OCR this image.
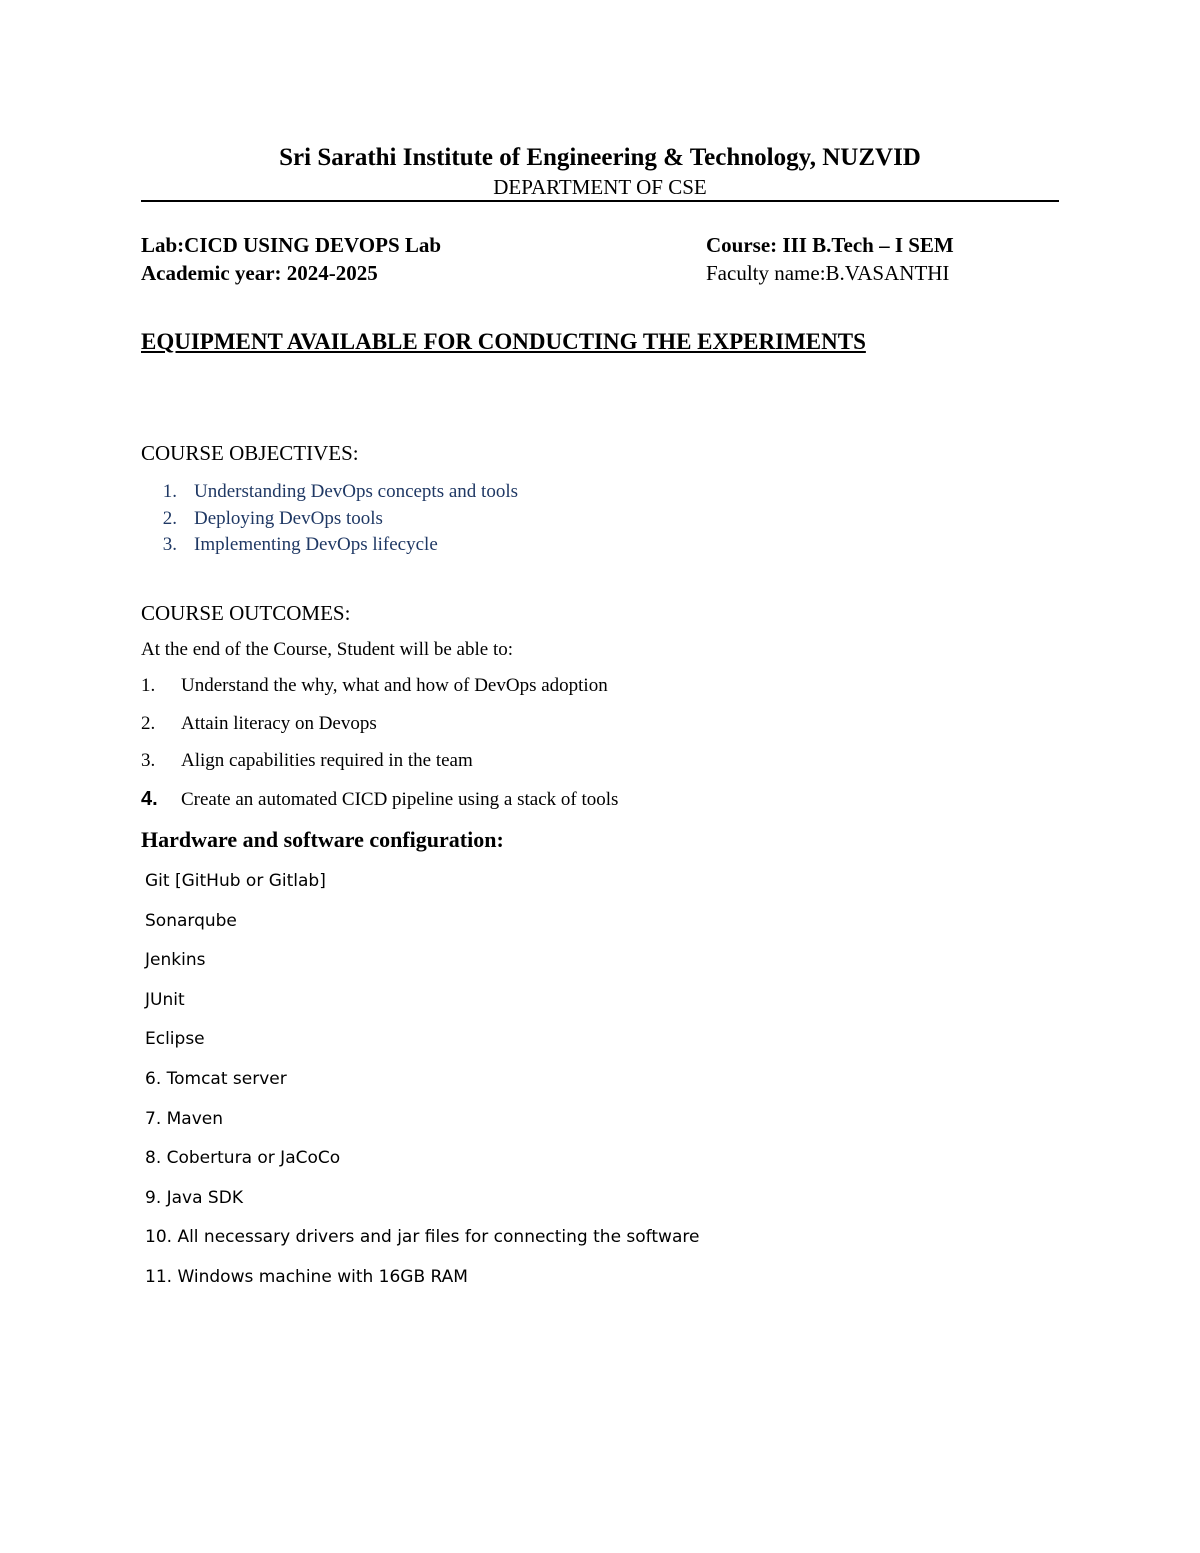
Sri Sarathi Institute of Engineering & Technology, NUZVID
DEPARTMENT OF CSE
Lab:CICD USING DEVOPS Lab	Course: III B.Tech – I SEM
Academic year: 2024-2025	Faculty name:B.VASANTHI
EQUIPMENT AVAILABLE FOR CONDUCTING THE EXPERIMENTS
COURSE OBJECTIVES:
1. Understanding DevOps concepts and tools
2. Deploying DevOps tools
3. Implementing DevOps lifecycle
COURSE OUTCOMES:
At the end of the Course, Student will be able to:
1. Understand the why, what and how of DevOps adoption
2. Attain literacy on Devops
3. Align capabilities required in the team
4. Create an automated CICD pipeline using a stack of tools
Hardware and software configuration:
Git [GitHub or Gitlab]
Sonarqube
Jenkins
JUnit
Eclipse
6. Tomcat server
7. Maven
8. Cobertura or JaCoCo
9. Java SDK
10. All necessary drivers and jar files for connecting the software
11. Windows machine with 16GB RAM
